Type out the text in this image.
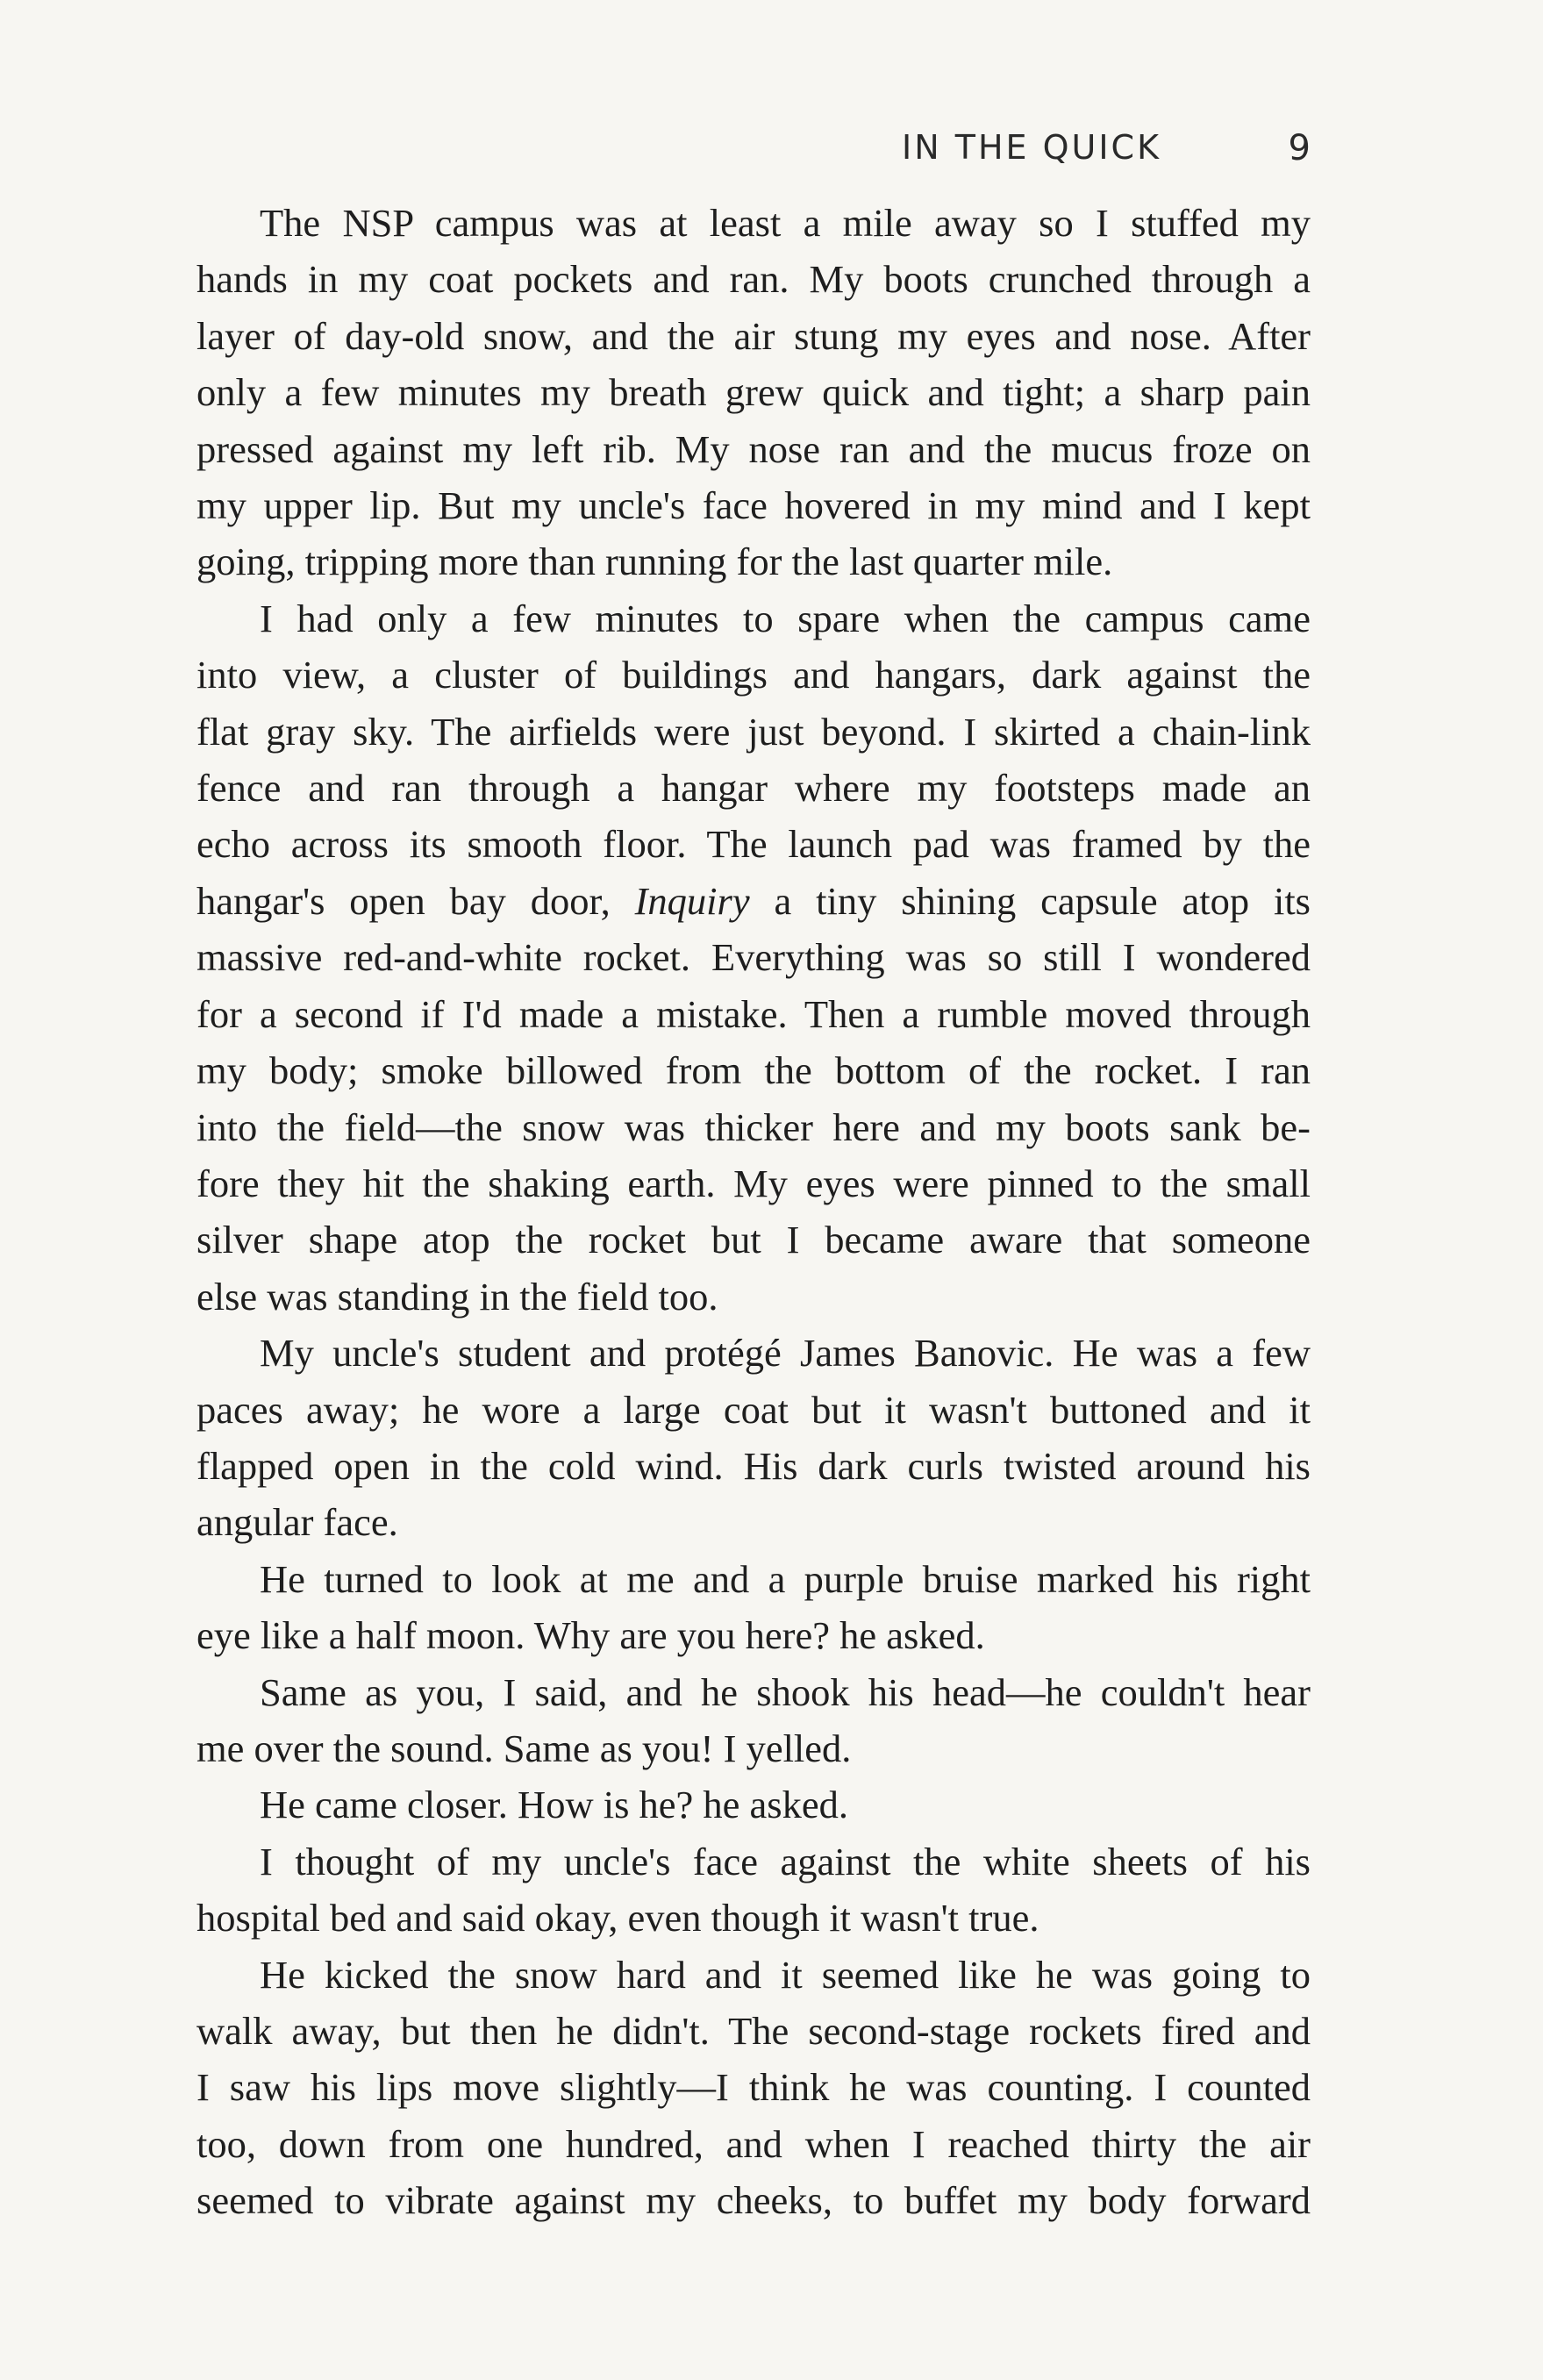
IN THE QUICK	9
The NSP campus was at least a mile away so I stuffed my
hands in my coat pockets and ran. My boots crunched through a
layer of day-old snow, and the air stung my eyes and nose. After
only a few minutes my breath grew quick and tight; a sharp pain
pressed against my left rib. My nose ran and the mucus froze on
my upper lip. But my uncle's face hovered in my mind and I kept
going, tripping more than running for the last quarter mile.
I had only a few minutes to spare when the campus came
into view, a cluster of buildings and hangars, dark against the
flat gray sky. The airfields were just beyond. I skirted a chain-link
fence and ran through a hangar where my footsteps made an
echo across its smooth floor. The launch pad was framed by the
hangar's open bay door, Inquiry a tiny shining capsule atop its
massive red-and-white rocket. Everything was so still I wondered
for a second if I'd made a mistake. Then a rumble moved through
my body; smoke billowed from the bottom of the rocket. I ran
into the field—the snow was thicker here and my boots sank be-
fore they hit the shaking earth. My eyes were pinned to the small
silver shape atop the rocket but I became aware that someone
else was standing in the field too.
My uncle's student and protégé James Banovic. He was a few
paces away; he wore a large coat but it wasn't buttoned and it
flapped open in the cold wind. His dark curls twisted around his
angular face.
He turned to look at me and a purple bruise marked his right
eye like a half moon. Why are you here? he asked.
Same as you, I said, and he shook his head—he couldn't hear
me over the sound. Same as you! I yelled.
He came closer. How is he? he asked.
I thought of my uncle's face against the white sheets of his
hospital bed and said okay, even though it wasn't true.
He kicked the snow hard and it seemed like he was going to
walk away, but then he didn't. The second-stage rockets fired and
I saw his lips move slightly—I think he was counting. I counted
too, down from one hundred, and when I reached thirty the air
seemed to vibrate against my cheeks, to buffet my body forward
